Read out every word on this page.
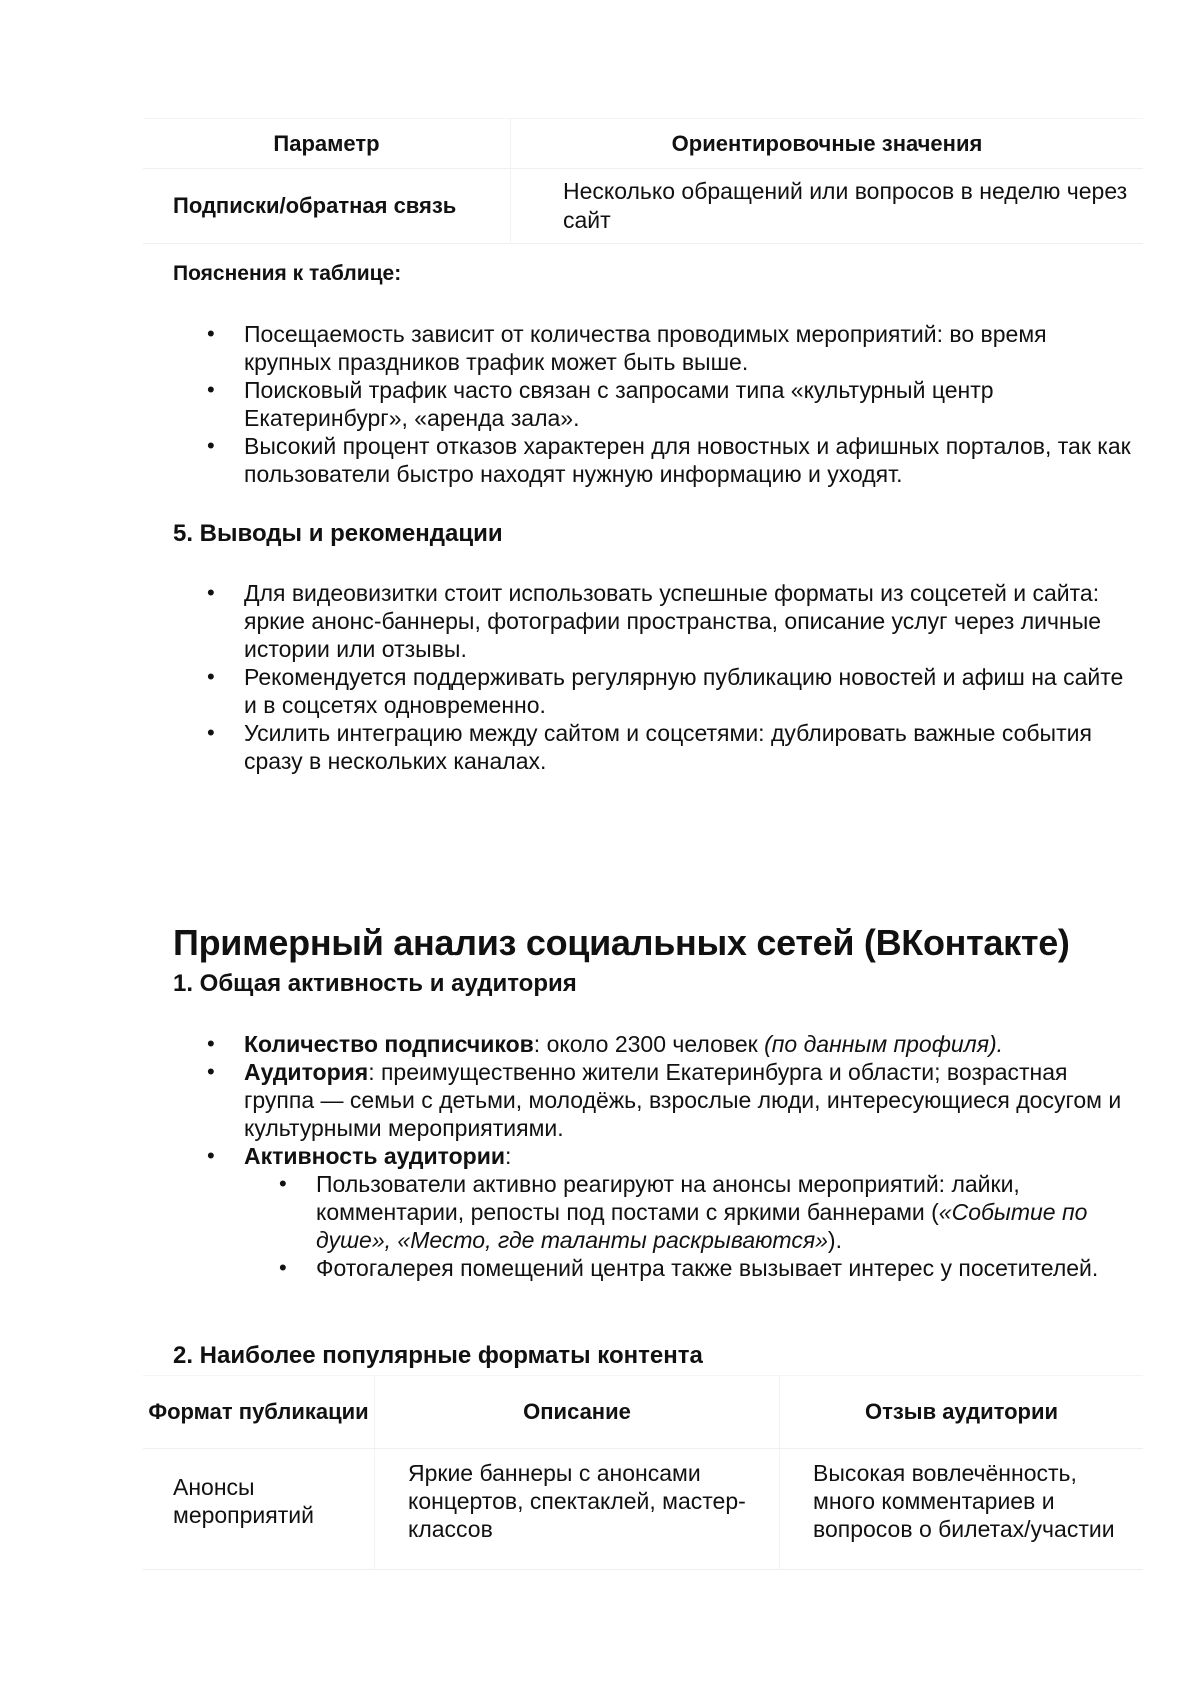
Параметр	Ориентировочные значения
Подписки/обратная связь	Несколько обращений или вопросов в неделю через сайт
Пояснения к таблице:
• Посещаемость зависит от количества проводимых мероприятий: во время крупных праздников трафик может быть выше.
• Поисковый трафик часто связан с запросами типа «культурный центр Екатеринбург», «аренда зала».
• Высокий процент отказов характерен для новостных и афишных порталов, так как пользователи быстро находят нужную информацию и уходят.
5. Выводы и рекомендации
• Для видеовизитки стоит использовать успешные форматы из соцсетей и сайта: яркие анонс-баннеры, фотографии пространства, описание услуг через личные истории или отзывы.
• Рекомендуется поддерживать регулярную публикацию новостей и афиш на сайте и в соцсетях одновременно.
• Усилить интеграцию между сайтом и соцсетями: дублировать важные события сразу в нескольких каналах.
Примерный анализ социальных сетей (ВКонтакте)
1. Общая активность и аудитория
• Количество подписчиков: около 2300 человек (по данным профиля).
• Аудитория: преимущественно жители Екатеринбурга и области; возрастная группа — семьи с детьми, молодёжь, взрослые люди, интересующиеся досугом и культурными мероприятиями.
• Активность аудитории:
• Пользователи активно реагируют на анонсы мероприятий: лайки, комментарии, репосты под постами с яркими баннерами («Событие по душе», «Место, где таланты раскрываются»).
• Фотогалерея помещений центра также вызывает интерес у посетителей.
2. Наиболее популярные форматы контента
Формат публикации	Описание	Отзыв аудитории
Анонсы мероприятий	Яркие баннеры с анонсами концертов, спектаклей, мастер-классов	Высокая вовлечённость, много комментариев и вопросов о билетах/участии
